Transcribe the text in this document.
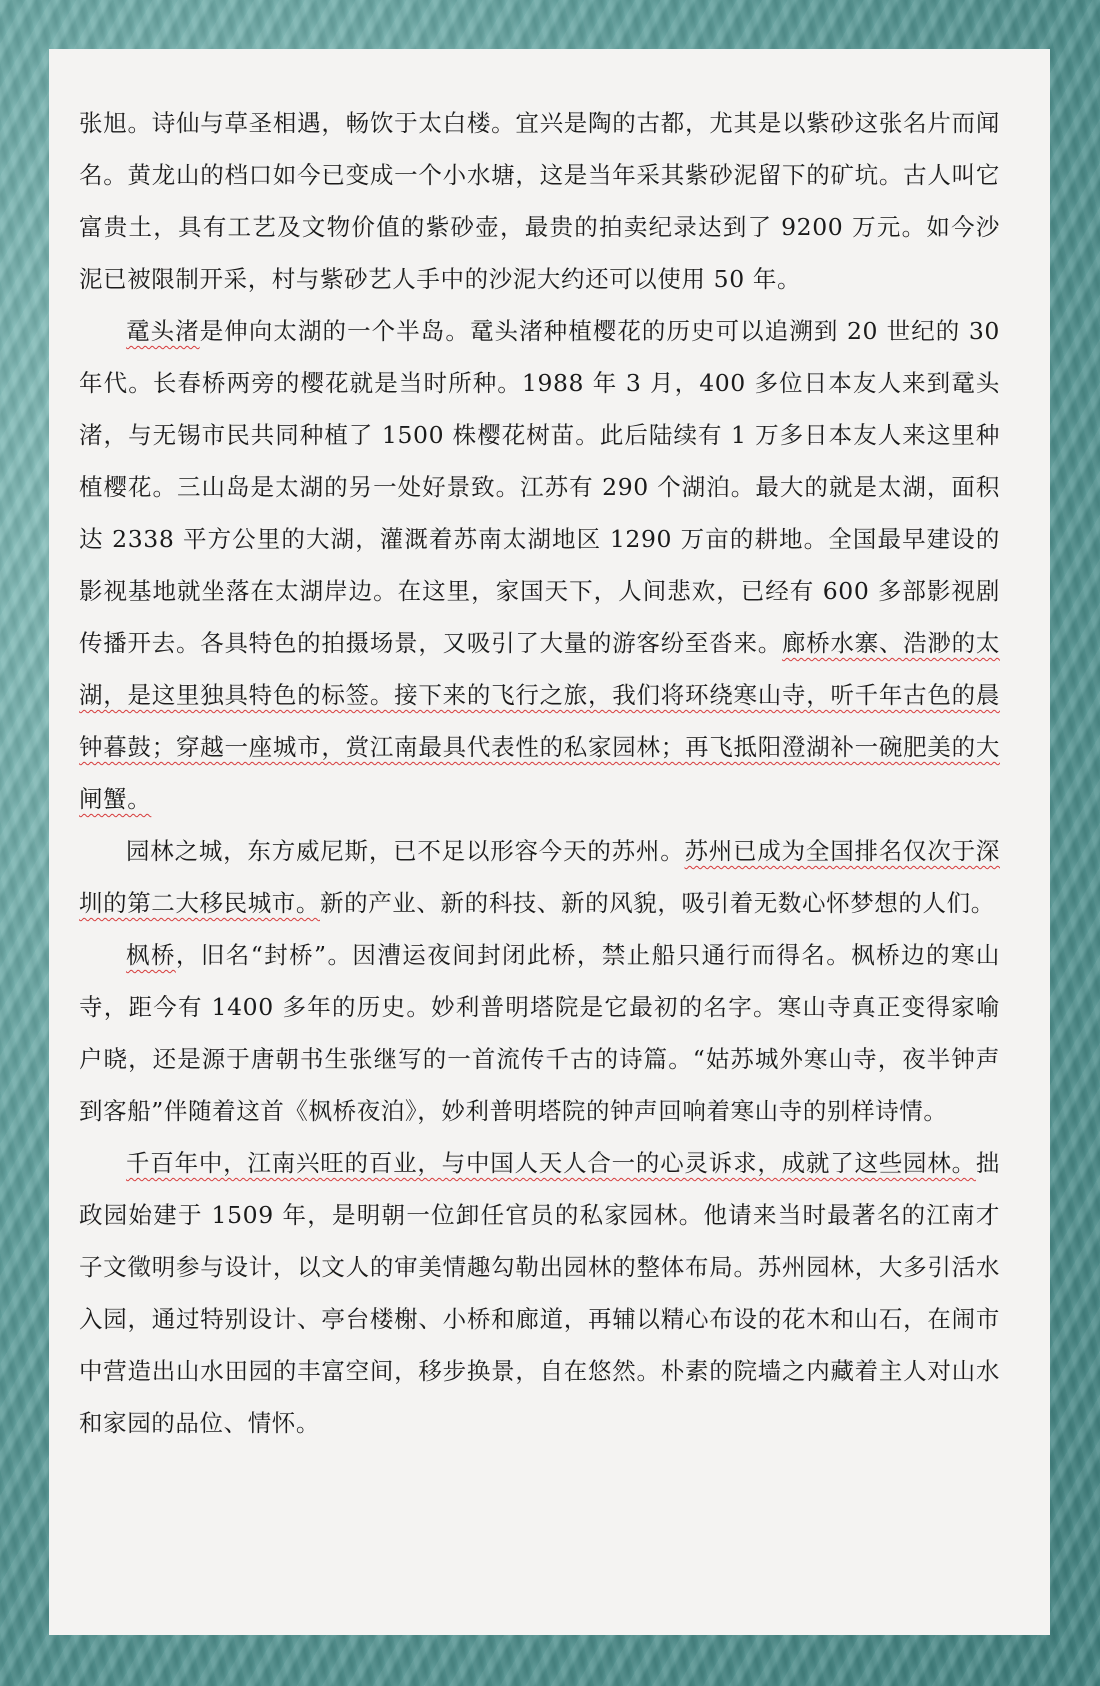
张旭。诗仙与草圣相遇，畅饮于太白楼。宜兴是陶的古都，尤其是以紫砂这张名片而闻名。黄龙山的档口如今已变成一个小水塘，这是当年采其紫砂泥留下的矿坑。古人叫它富贵土，具有工艺及文物价值的紫砂壶，最贵的拍卖纪录达到了 9200 万元。如今沙泥已被限制开采，村与紫砂艺人手中的沙泥大约还可以使用 50 年。

鼋头渚是伸向太湖的一个半岛。鼋头渚种植樱花的历史可以追溯到 20 世纪的 30 年代。长春桥两旁的樱花就是当时所种。1988 年 3 月，400 多位日本友人来到鼋头渚，与无锡市民共同种植了 1500 株樱花树苗。此后陆续有 1 万多日本友人来这里种植樱花。三山岛是太湖的另一处好景致。江苏有 290 个湖泊。最大的就是太湖，面积达 2338 平方公里的大湖，灌溉着苏南太湖地区 1290 万亩的耕地。全国最早建设的影视基地就坐落在太湖岸边。在这里，家国天下，人间悲欢，已经有 600 多部影视剧传播开去。各具特色的拍摄场景，又吸引了大量的游客纷至沓来。廊桥水寨、浩渺的太湖，是这里独具特色的标签。接下来的飞行之旅，我们将环绕寒山寺，听千年古色的晨钟暮鼓；穿越一座城市，赏江南最具代表性的私家园林；再飞抵阳澄湖补一碗肥美的大闸蟹。

园林之城，东方威尼斯，已不足以形容今天的苏州。苏州已成为全国排名仅次于深圳的第二大移民城市。新的产业、新的科技、新的风貌，吸引着无数心怀梦想的人们。

枫桥，旧名“封桥”。因漕运夜间封闭此桥，禁止船只通行而得名。枫桥边的寒山寺，距今有 1400 多年的历史。妙利普明塔院是它最初的名字。寒山寺真正变得家喻户晓，还是源于唐朝书生张继写的一首流传千古的诗篇。“姑苏城外寒山寺，夜半钟声到客船”伴随着这首《枫桥夜泊》，妙利普明塔院的钟声回响着寒山寺的别样诗情。

千百年中，江南兴旺的百业，与中国人天人合一的心灵诉求，成就了这些园林。拙政园始建于 1509 年，是明朝一位卸任官员的私家园林。他请来当时最著名的江南才子文徵明参与设计，以文人的审美情趣勾勒出园林的整体布局。苏州园林，大多引活水入园，通过特别设计、亭台楼榭、小桥和廊道，再辅以精心布设的花木和山石，在闹市中营造出山水田园的丰富空间，移步换景，自在悠然。朴素的院墙之内藏着主人对山水和家园的品位、情怀。
